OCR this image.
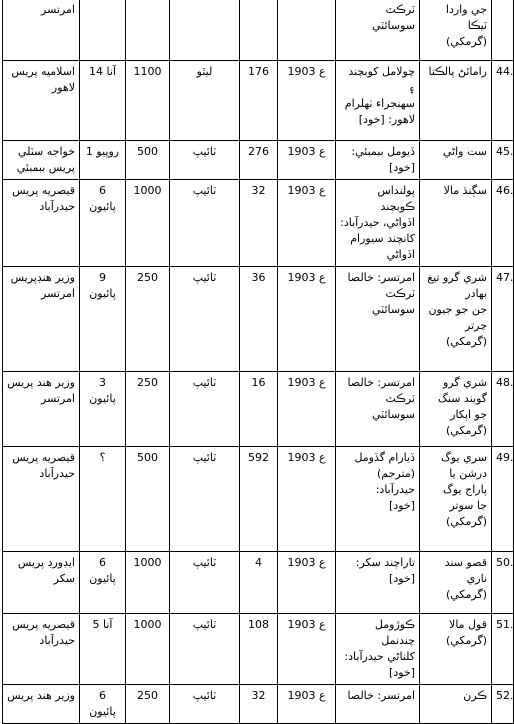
امرتسر						ٽرڪٽ سوسائٽي	جي واردا
ٽيڪا
(گرمکي)	
اسلاميه پريس
لاهور	14 آنا	1100	ليٿو	176	1903 ع	چولامل کوبچند ۽
سهنجراء ٺهلرام
لاهور: [خود]	رامائڻ پالڪتا	44.
خواجه سٽلي
پريس ببمبئي	1 روپيو	500	ٽائيپ	276	1903 ع	ڏيومل ببمبئي: [خود]	ست واڻي	45.
قيصريه پريس
حيدرآباد	6 پائيون	1000	ٽائيپ	32	1903 ع	پولنداس ڪوبچند
اڏواڻي، حيدرآباد:
کانچند سيورام
اڏواڻي	سڳنڌ مالا	46.
وزير هنڊپريس
امرتسر	9 پائيون	250	ٽائيپ	36	1903 ع	امرتسر: خالصا
ٽرڪٽ سوسائٽي	شري گرو تيغ
بهادر
جن جو جيون
چرتر
(گرمکي)	47.
وزير هند پريس
امرتسر	3 پائيون	250	ٽائيپ	16	1903 ع	امرتسر: خالصا
ٽرڪٽ سوسائٽي	شري گرو
گوبند سنگ
جو اپکار
(گرمکي)	48.
قيصريه پريس
حيدرآباد	؟	500	ٽائيپ	592	1903 ع	ڏيارام گڏومل
(مترجم) حيدرآباد:
[خود]	سري يوگ
درشن يا
پاراج يوگ
جا سوتر
(گرمکي)	49.
ايڊورڊ پريس
سکر	6 پائيون	1000	ٽائيپ	4	1903 ع	تاراچند سکر: [خود]	قصو سند
ناري
(گرمکي)	50.
قيصريه پريس
حيدرآباد	5 آنا	1000	ٽائيپ	108	1903 ع	ڪوڙومل چندنمل
کلناڻي حيدرآباد:
[خود]	قول مالا
(گرمکي)	51.
وزير هند پريس	6 پائيون	250	ٽائيپ	32	1903 ع	امرتسر: خالصا	ڪرن	52.
